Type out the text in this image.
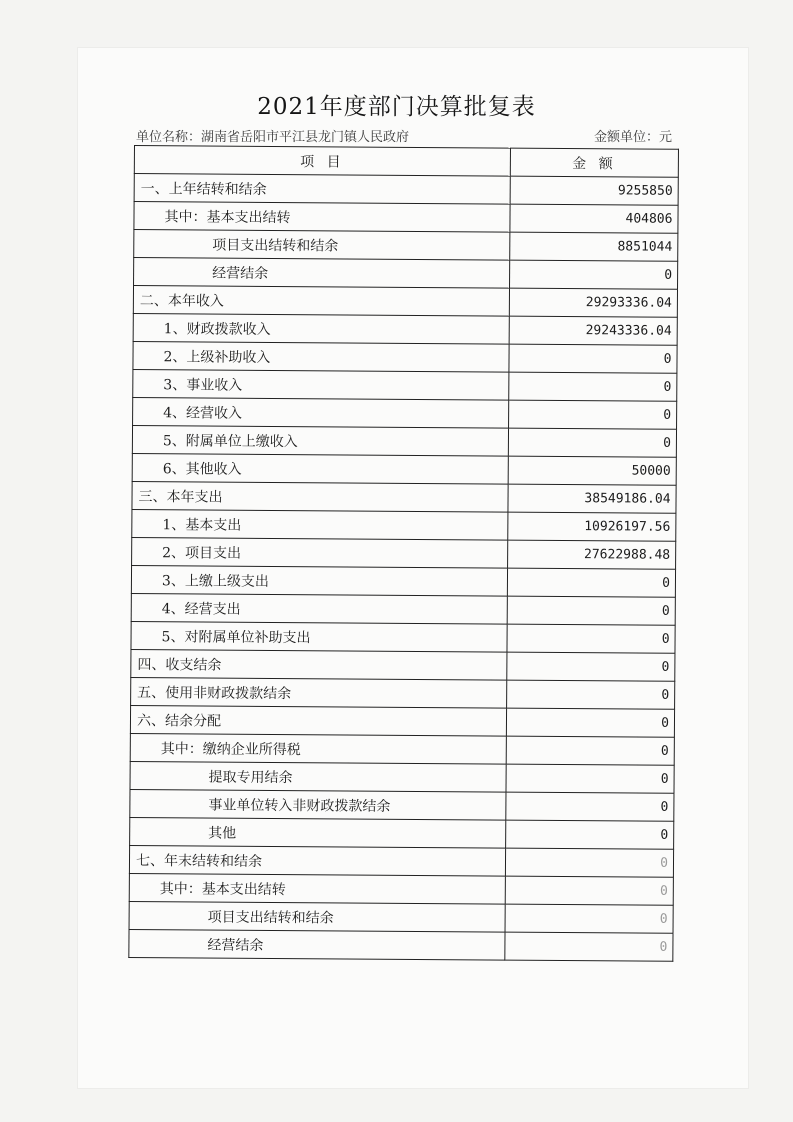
2021年度部门决算批复表
单位名称：湖南省岳阳市平江县龙门镇人民政府	金额单位：元
项 目	金 额
一、上年结转和结余	9255850
其中：基本支出结转	404806
项目支出结转和结余	8851044
经营结余	0
二、本年收入	29293336.04
1、财政拨款收入	29243336.04
2、上级补助收入	0
3、事业收入	0
4、经营收入	0
5、附属单位上缴收入	0
6、其他收入	50000
三、本年支出	38549186.04
1、基本支出	10926197.56
2、项目支出	27622988.48
3、上缴上级支出	0
4、经营支出	0
5、对附属单位补助支出	0
四、收支结余	0
五、使用非财政拨款结余	0
六、结余分配	0
其中：缴纳企业所得税	0
提取专用结余	0
事业单位转入非财政拨款结余	0
其他	0
七、年末结转和结余	0
其中：基本支出结转	0
项目支出结转和结余	0
经营结余	0
